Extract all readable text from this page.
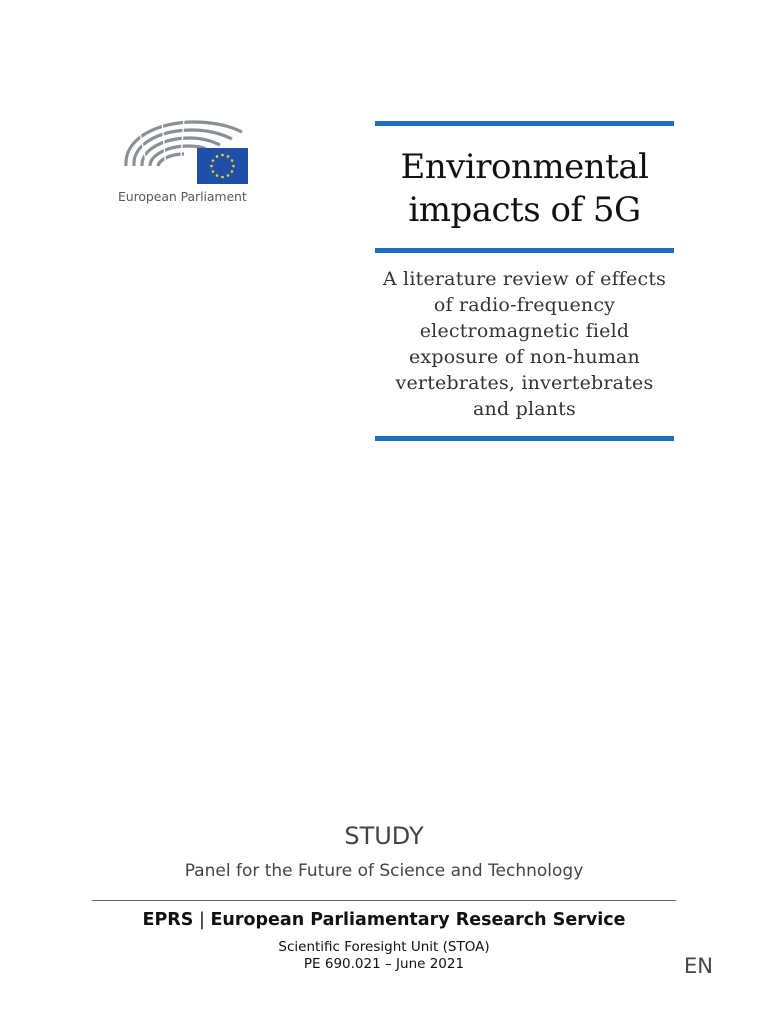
European Parliament
Environmental impacts of 5G
A literature review of effects of radio-frequency electromagnetic field exposure of non-human vertebrates, invertebrates and plants
STUDY
Panel for the Future of Science and Technology
EPRS | European Parliamentary Research Service
Scientific Foresight Unit (STOA)
PE 690.021 – June 2021	EN
